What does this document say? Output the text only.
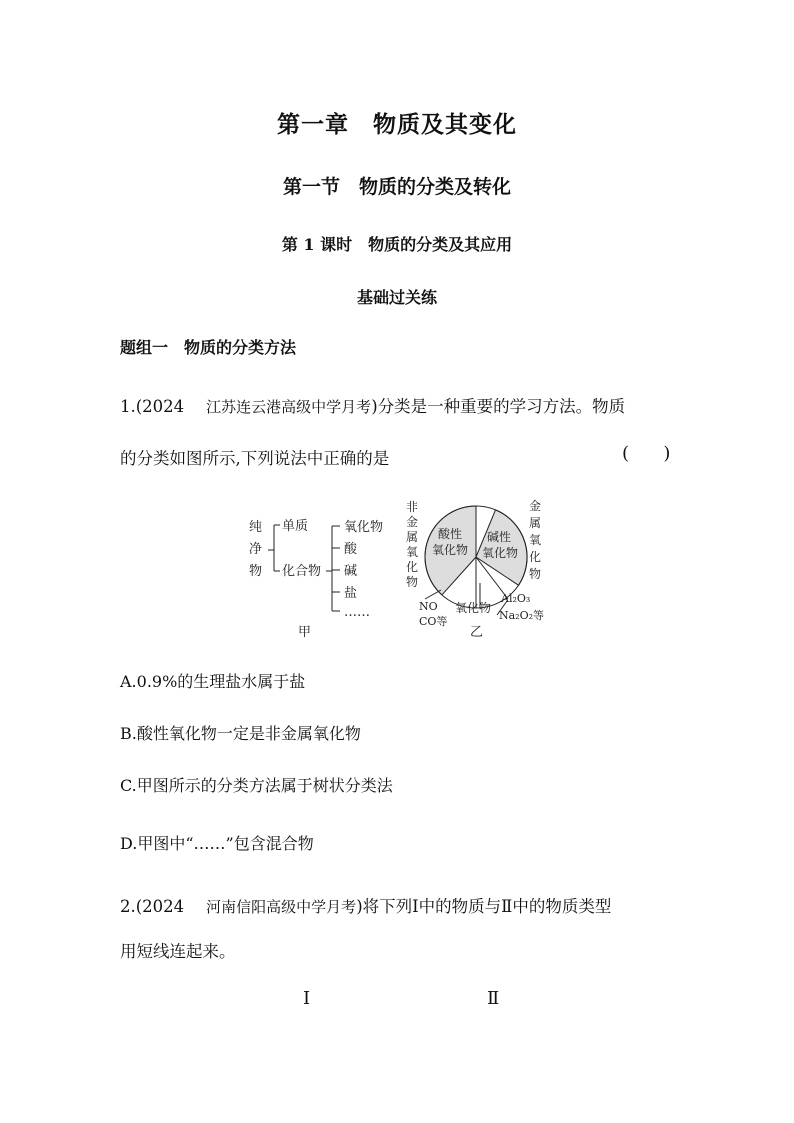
第一章　物质及其变化
第一节　物质的分类及转化
第 1 课时　物质的分类及其应用
基础过关练
题组一　物质的分类方法
1.(2024 江苏连云港高级中学月考)分类是一种重要的学习方法。物质
的分类如图所示,下列说法中正确的是	( )
纯
净
物
单质
化合物
氧化物
酸
碱
盐
……
甲
非
金
属
氧
化
物
金
属
氧
化
物
酸性
氧化物
碱性
氧化物
氧化物
NO
CO等
Al₂O₃
Na₂O₂等
乙
A.0.9%的生理盐水属于盐
B.酸性氧化物一定是非金属氧化物
C.甲图所示的分类方法属于树状分类法
D.甲图中“……”包含混合物
2.(2024 河南信阳高级中学月考)将下列Ⅰ中的物质与Ⅱ中的物质类型
用短线连起来。
Ⅰ	Ⅱ
